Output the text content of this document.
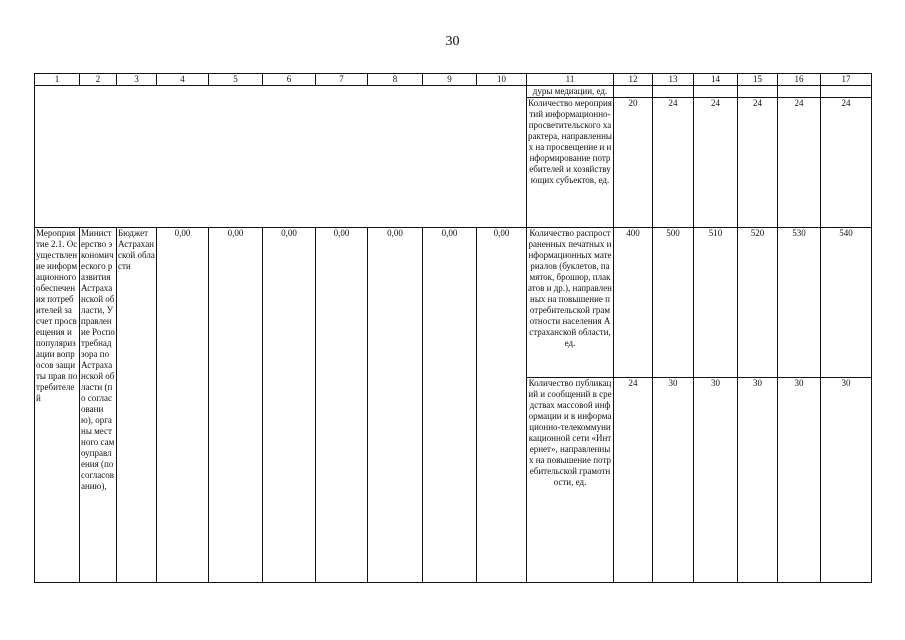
30
1	2	3	4	5	6	7	8	9	10	11	12	13	14	15	16	17
										дуры медиации, ед.						
										Количество мероприятий информационно-просветительского характера, направленных на просвещение и информирование потребителей и хозяйствующих субъектов, ед.	20	24	24	24	24	24
Мероприятие 2.1. Осуществление информационного обеспечения потребителей за счет просвещения и популяризации вопросов защиты прав потребителей	Министерство экономического развития Астраханской области, Управление Роспотребнадзора по Астраханской области (по согласованию), органы местного самоуправления (по согласованию),	Бюджет Астраханской области	0,00	0,00	0,00	0,00	0,00	0,00	0,00	Количество распространенных печатных информационных материалов (буклетов, памяток, брошюр, плакатов и др.), направленных на повышение потребительской грамотности населения Астраханской области, ед.	400	500	510	520	530	540
										Количество публикаций и сообщений в средствах массовой информации и в информационно-телекоммуникационной сети «Интернет», направленных на повышение потребительской грамотности, ед.	24	30	30	30	30	30
